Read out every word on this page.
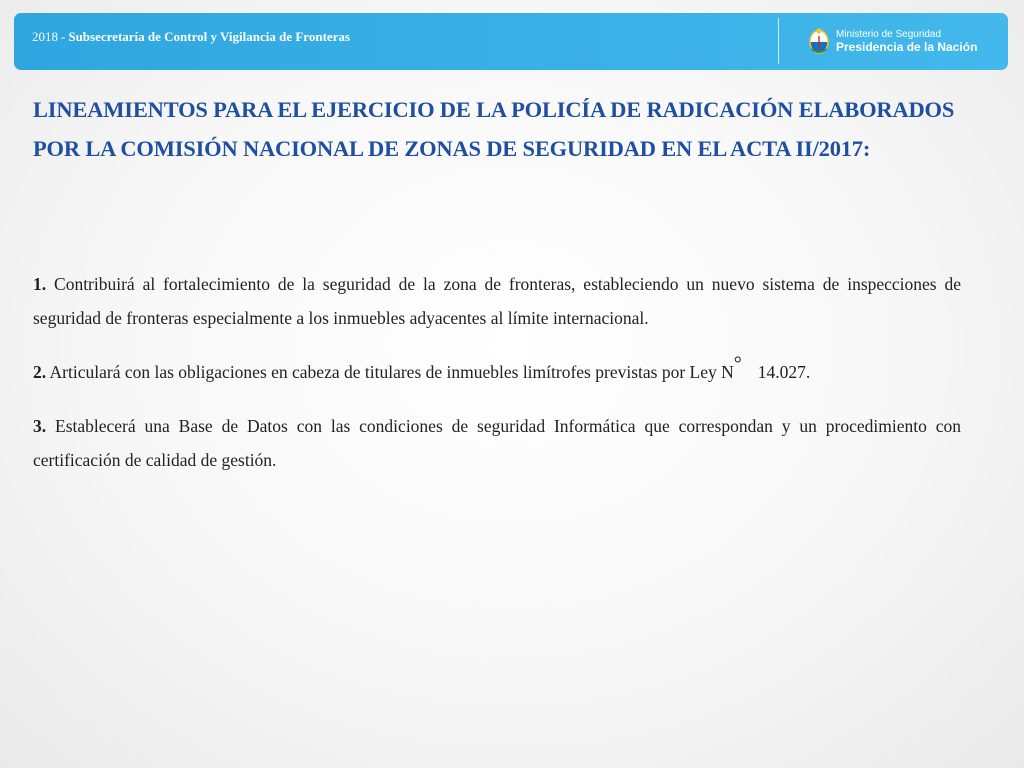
2018 - Subsecretaría de Control y Vigilancia de Fronteras	Ministerio de Seguridad
Presidencia de la Nación
LINEAMIENTOS PARA EL EJERCICIO DE LA POLICÍA DE RADICACIÓN ELABORADOS POR LA COMISIÓN NACIONAL DE ZONAS DE SEGURIDAD EN EL ACTA II/2017:

1. Contribuirá al fortalecimiento de la seguridad de la zona de fronteras, estableciendo un nuevo sistema de inspecciones de seguridad de fronteras especialmente a los inmuebles adyacentes al límite internacional.

2. Articulará con las obligaciones en cabeza de titulares de inmuebles limítrofes previstas por Ley N° 14.027.

3. Establecerá una Base de Datos con las condiciones de seguridad Informática que correspondan y un procedimiento con certificación de calidad de gestión.
